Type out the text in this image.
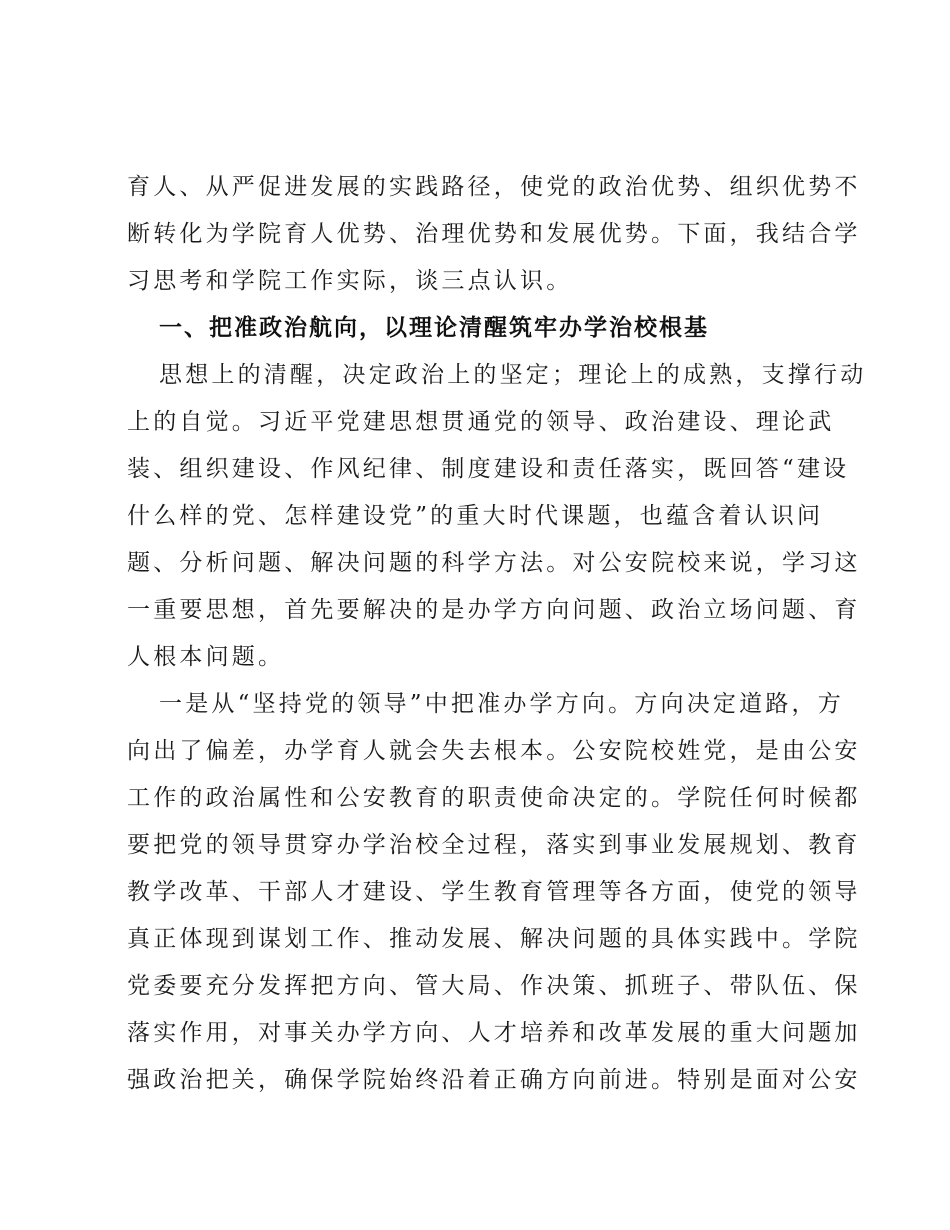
育人、从严促进发展的实践路径，使党的政治优势、组织优势不
断转化为学院育人优势、治理优势和发展优势。下面，我结合学
习思考和学院工作实际，谈三点认识。
一、把准政治航向，以理论清醒筑牢办学治校根基
思想上的清醒，决定政治上的坚定；理论上的成熟，支撑行动
上的自觉。习近平党建思想贯通党的领导、政治建设、理论武
装、组织建设、作风纪律、制度建设和责任落实，既回答“建设
什么样的党、怎样建设党”的重大时代课题，也蕴含着认识问
题、分析问题、解决问题的科学方法。对公安院校来说，学习这
一重要思想，首先要解决的是办学方向问题、政治立场问题、育
人根本问题。
一是从“坚持党的领导”中把准办学方向。方向决定道路，方
向出了偏差，办学育人就会失去根本。公安院校姓党，是由公安
工作的政治属性和公安教育的职责使命决定的。学院任何时候都
要把党的领导贯穿办学治校全过程，落实到事业发展规划、教育
教学改革、干部人才建设、学生教育管理等各方面，使党的领导
真正体现到谋划工作、推动发展、解决问题的具体实践中。学院
党委要充分发挥把方向、管大局、作决策、抓班子、带队伍、保
落实作用，对事关办学方向、人才培养和改革发展的重大问题加
强政治把关，确保学院始终沿着正确方向前进。特别是面对公安
